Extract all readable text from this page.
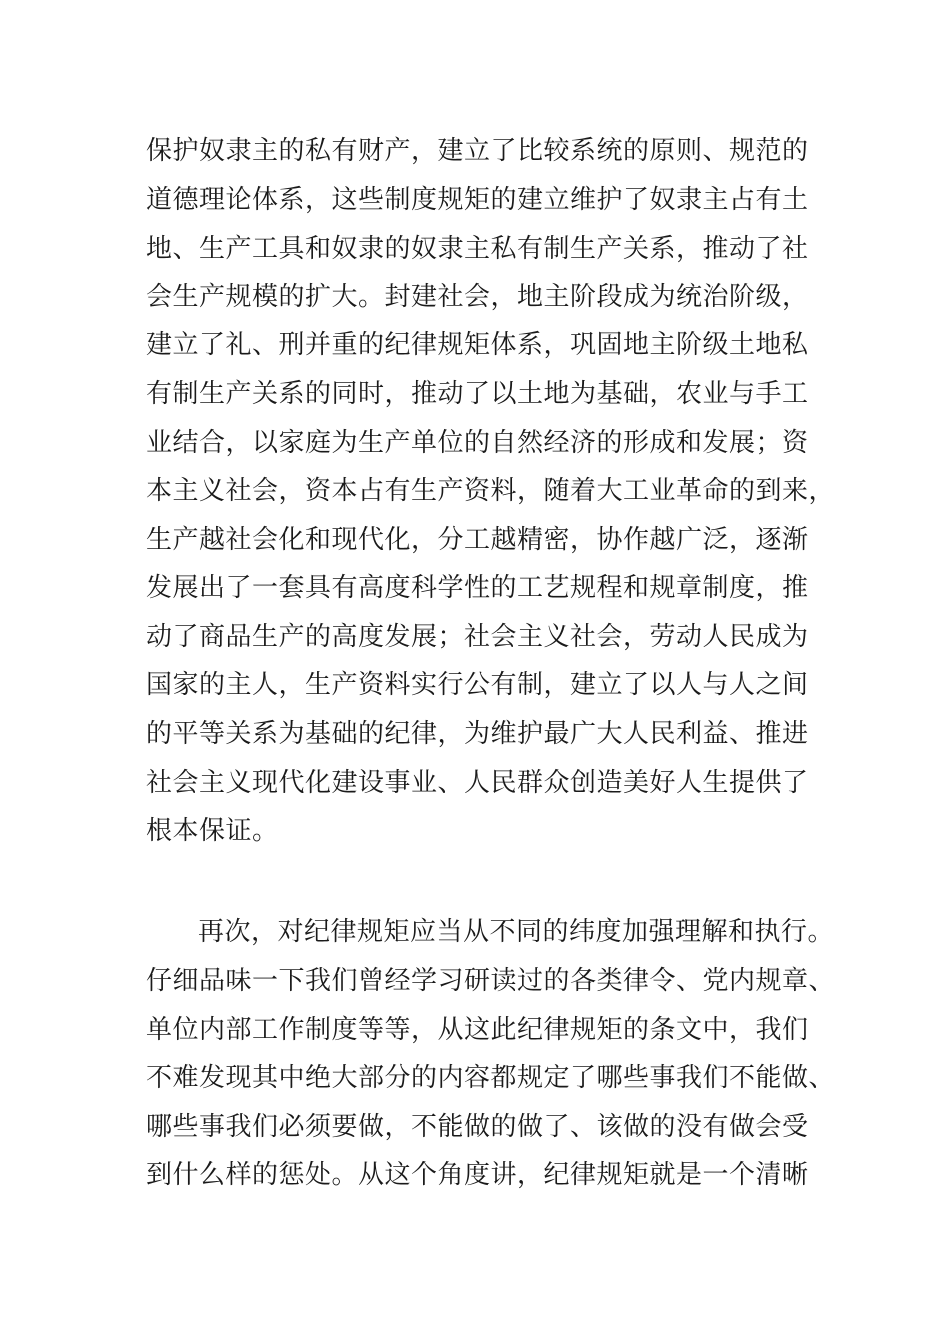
保护奴隶主的私有财产，建立了比较系统的原则、规范的
道德理论体系，这些制度规矩的建立维护了奴隶主占有土
地、生产工具和奴隶的奴隶主私有制生产关系，推动了社
会生产规模的扩大。封建社会，地主阶段成为统治阶级，
建立了礼、刑并重的纪律规矩体系，巩固地主阶级土地私
有制生产关系的同时，推动了以土地为基础，农业与手工
业结合，以家庭为生产单位的自然经济的形成和发展；资
本主义社会，资本占有生产资料，随着大工业革命的到来，
生产越社会化和现代化，分工越精密，协作越广泛，逐渐
发展出了一套具有高度科学性的工艺规程和规章制度，推
动了商品生产的高度发展；社会主义社会，劳动人民成为
国家的主人，生产资料实行公有制，建立了以人与人之间
的平等关系为基础的纪律，为维护最广大人民利益、推进
社会主义现代化建设事业、人民群众创造美好人生提供了
根本保证。
再次，对纪律规矩应当从不同的纬度加强理解和执行。
仔细品味一下我们曾经学习研读过的各类律令、党内规章、
单位内部工作制度等等，从这此纪律规矩的条文中，我们
不难发现其中绝大部分的内容都规定了哪些事我们不能做、
哪些事我们必须要做，不能做的做了、该做的没有做会受
到什么样的惩处。从这个角度讲，纪律规矩就是一个清晰
